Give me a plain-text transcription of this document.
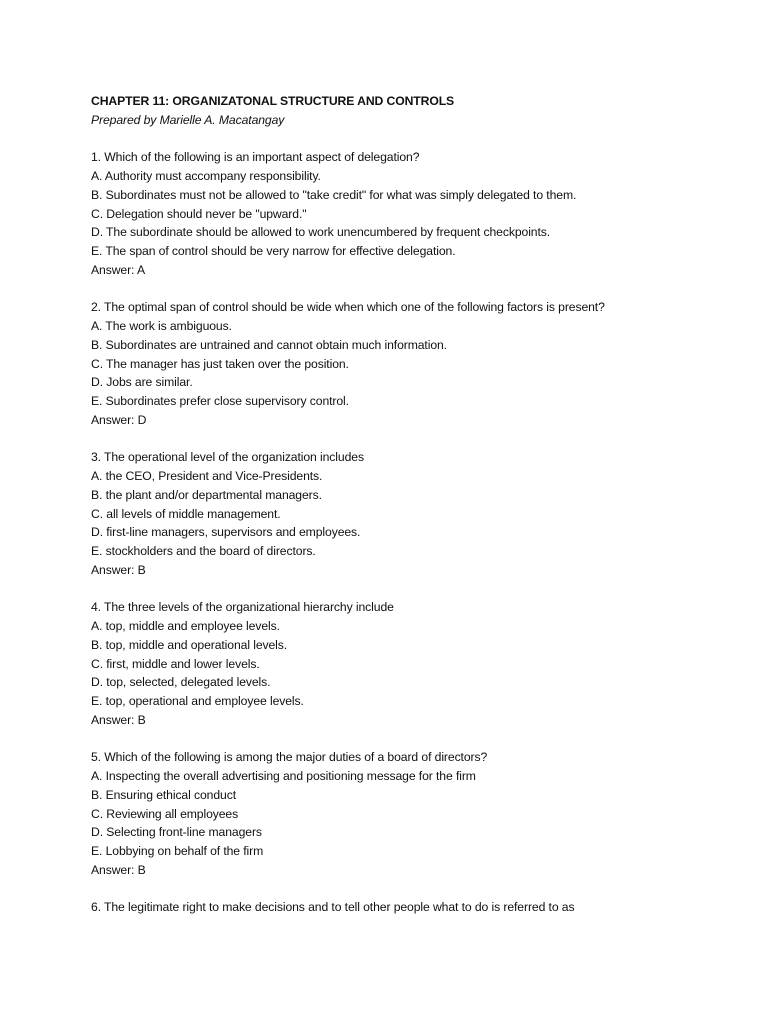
CHAPTER 11: ORGANIZATONAL STRUCTURE AND CONTROLS
Prepared by Marielle A. Macatangay
1. Which of the following is an important aspect of delegation?
A. Authority must accompany responsibility.
B. Subordinates must not be allowed to "take credit" for what was simply delegated to them.
C. Delegation should never be "upward."
D. The subordinate should be allowed to work unencumbered by frequent checkpoints.
E. The span of control should be very narrow for effective delegation.
Answer: A
2. The optimal span of control should be wide when which one of the following factors is present?
A. The work is ambiguous.
B. Subordinates are untrained and cannot obtain much information.
C. The manager has just taken over the position.
D. Jobs are similar.
E. Subordinates prefer close supervisory control.
Answer: D
3. The operational level of the organization includes
A. the CEO, President and Vice-Presidents.
B. the plant and/or departmental managers.
C. all levels of middle management.
D. first-line managers, supervisors and employees.
E. stockholders and the board of directors.
Answer: B
4. The three levels of the organizational hierarchy include
A. top, middle and employee levels.
B. top, middle and operational levels.
C. first, middle and lower levels.
D. top, selected, delegated levels.
E. top, operational and employee levels.
Answer: B
5. Which of the following is among the major duties of a board of directors?
A. Inspecting the overall advertising and positioning message for the firm
B. Ensuring ethical conduct
C. Reviewing all employees
D. Selecting front-line managers
E. Lobbying on behalf of the firm
Answer: B
6. The legitimate right to make decisions and to tell other people what to do is referred to as
